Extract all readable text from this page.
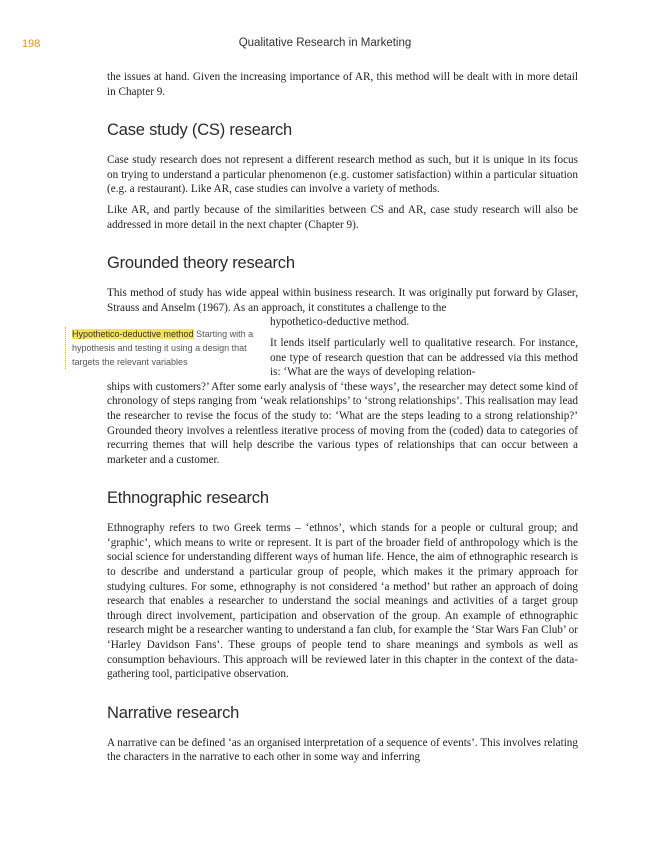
198	Qualitative Research in Marketing

the issues at hand. Given the increasing importance of AR, this method will be dealt with in more detail in Chapter 9.

Case study (CS) research

Case study research does not represent a different research method as such, but it is unique in its focus on trying to understand a particular phenomenon (e.g. customer satisfaction) within a particular situation (e.g. a restaurant). Like AR, case studies can involve a variety of methods.

Like AR, and partly because of the similarities between CS and AR, case study research will also be addressed in more detail in the next chapter (Chapter 9).

Grounded theory research

This method of study has wide appeal within business research. It was originally put forward by Glaser, Strauss and Anselm (1967). As an approach, it constitutes a challenge to the

hypothetico-deductive method.

It lends itself particularly well to qualitative research. For instance, one type of research question that can be addressed via this method is: ‘What are the ways of developing relation-

ships with customers?’ After some early analysis of ‘these ways’, the researcher may detect some kind of chronology of steps ranging from ‘weak relationships’ to ‘strong relationships’. This realisation may lead the researcher to revise the focus of the study to: ‘What are the steps leading to a strong relationship?’ Grounded theory involves a relentless iterative process of moving from the (coded) data to categories of recurring themes that will help describe the various types of relationships that can occur between a marketer and a customer.

Ethnographic research

Ethnography refers to two Greek terms – ‘ethnos’, which stands for a people or cultural group; and ‘graphic’, which means to write or represent. It is part of the broader field of anthropology which is the social science for understanding different ways of human life. Hence, the aim of ethnographic research is to describe and understand a particular group of people, which makes it the primary approach for studying cultures. For some, ethnography is not considered ‘a method’ but rather an approach of doing research that enables a researcher to understand the social meanings and activities of a target group through direct involvement, participation and observation of the group. An example of ethnographic research might be a researcher wanting to understand a fan club, for example the ‘Star Wars Fan Club’ or ‘Harley Davidson Fans’. These groups of people tend to share meanings and symbols as well as consumption behaviours. This approach will be reviewed later in this chapter in the context of the data-gathering tool, participative observation.

Narrative research

A narrative can be defined ‘as an organised interpretation of a sequence of events’. This involves relating the characters in the narrative to each other in some way and inferring

Hypothetico-deductive method Starting with a hypothesis and testing it using a design that targets the relevant variables
